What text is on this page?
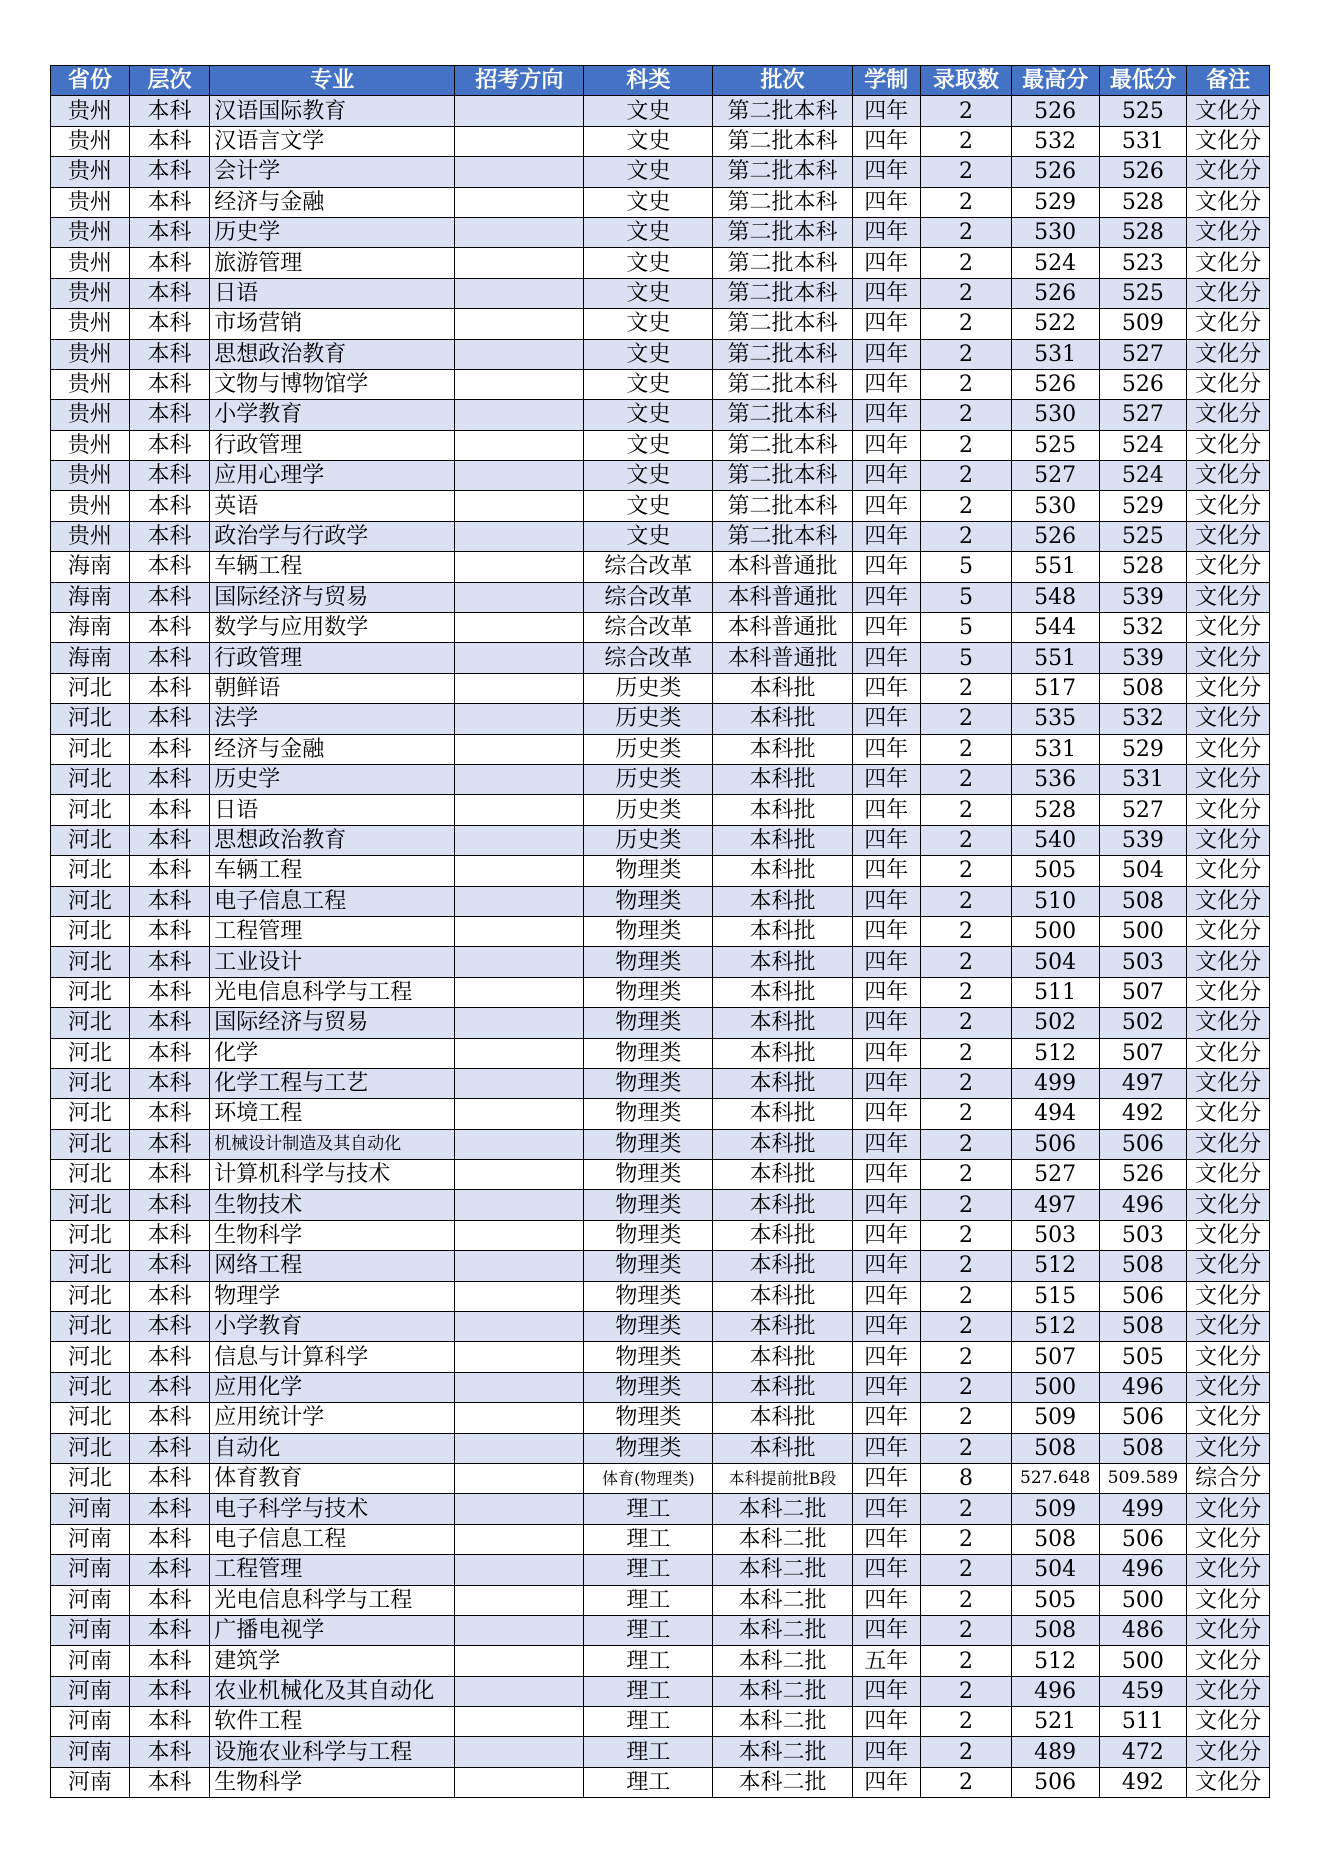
省份	层次	专业	招考方向	科类	批次	学制	录取数	最高分	最低分	备注
贵州	本科	汉语国际教育		文史	第二批本科	四年	2	526	525	文化分
贵州	本科	汉语言文学		文史	第二批本科	四年	2	532	531	文化分
贵州	本科	会计学		文史	第二批本科	四年	2	526	526	文化分
贵州	本科	经济与金融		文史	第二批本科	四年	2	529	528	文化分
贵州	本科	历史学		文史	第二批本科	四年	2	530	528	文化分
贵州	本科	旅游管理		文史	第二批本科	四年	2	524	523	文化分
贵州	本科	日语		文史	第二批本科	四年	2	526	525	文化分
贵州	本科	市场营销		文史	第二批本科	四年	2	522	509	文化分
贵州	本科	思想政治教育		文史	第二批本科	四年	2	531	527	文化分
贵州	本科	文物与博物馆学		文史	第二批本科	四年	2	526	526	文化分
贵州	本科	小学教育		文史	第二批本科	四年	2	530	527	文化分
贵州	本科	行政管理		文史	第二批本科	四年	2	525	524	文化分
贵州	本科	应用心理学		文史	第二批本科	四年	2	527	524	文化分
贵州	本科	英语		文史	第二批本科	四年	2	530	529	文化分
贵州	本科	政治学与行政学		文史	第二批本科	四年	2	526	525	文化分
海南	本科	车辆工程		综合改革	本科普通批	四年	5	551	528	文化分
海南	本科	国际经济与贸易		综合改革	本科普通批	四年	5	548	539	文化分
海南	本科	数学与应用数学		综合改革	本科普通批	四年	5	544	532	文化分
海南	本科	行政管理		综合改革	本科普通批	四年	5	551	539	文化分
河北	本科	朝鲜语		历史类	本科批	四年	2	517	508	文化分
河北	本科	法学		历史类	本科批	四年	2	535	532	文化分
河北	本科	经济与金融		历史类	本科批	四年	2	531	529	文化分
河北	本科	历史学		历史类	本科批	四年	2	536	531	文化分
河北	本科	日语		历史类	本科批	四年	2	528	527	文化分
河北	本科	思想政治教育		历史类	本科批	四年	2	540	539	文化分
河北	本科	车辆工程		物理类	本科批	四年	2	505	504	文化分
河北	本科	电子信息工程		物理类	本科批	四年	2	510	508	文化分
河北	本科	工程管理		物理类	本科批	四年	2	500	500	文化分
河北	本科	工业设计		物理类	本科批	四年	2	504	503	文化分
河北	本科	光电信息科学与工程		物理类	本科批	四年	2	511	507	文化分
河北	本科	国际经济与贸易		物理类	本科批	四年	2	502	502	文化分
河北	本科	化学		物理类	本科批	四年	2	512	507	文化分
河北	本科	化学工程与工艺		物理类	本科批	四年	2	499	497	文化分
河北	本科	环境工程		物理类	本科批	四年	2	494	492	文化分
河北	本科	机械设计制造及其自动化		物理类	本科批	四年	2	506	506	文化分
河北	本科	计算机科学与技术		物理类	本科批	四年	2	527	526	文化分
河北	本科	生物技术		物理类	本科批	四年	2	497	496	文化分
河北	本科	生物科学		物理类	本科批	四年	2	503	503	文化分
河北	本科	网络工程		物理类	本科批	四年	2	512	508	文化分
河北	本科	物理学		物理类	本科批	四年	2	515	506	文化分
河北	本科	小学教育		物理类	本科批	四年	2	512	508	文化分
河北	本科	信息与计算科学		物理类	本科批	四年	2	507	505	文化分
河北	本科	应用化学		物理类	本科批	四年	2	500	496	文化分
河北	本科	应用统计学		物理类	本科批	四年	2	509	506	文化分
河北	本科	自动化		物理类	本科批	四年	2	508	508	文化分
河北	本科	体育教育		体育(物理类)	本科提前批B段	四年	8	527.648	509.589	综合分
河南	本科	电子科学与技术		理工	本科二批	四年	2	509	499	文化分
河南	本科	电子信息工程		理工	本科二批	四年	2	508	506	文化分
河南	本科	工程管理		理工	本科二批	四年	2	504	496	文化分
河南	本科	光电信息科学与工程		理工	本科二批	四年	2	505	500	文化分
河南	本科	广播电视学		理工	本科二批	四年	2	508	486	文化分
河南	本科	建筑学		理工	本科二批	五年	2	512	500	文化分
河南	本科	农业机械化及其自动化		理工	本科二批	四年	2	496	459	文化分
河南	本科	软件工程		理工	本科二批	四年	2	521	511	文化分
河南	本科	设施农业科学与工程		理工	本科二批	四年	2	489	472	文化分
河南	本科	生物科学		理工	本科二批	四年	2	506	492	文化分
